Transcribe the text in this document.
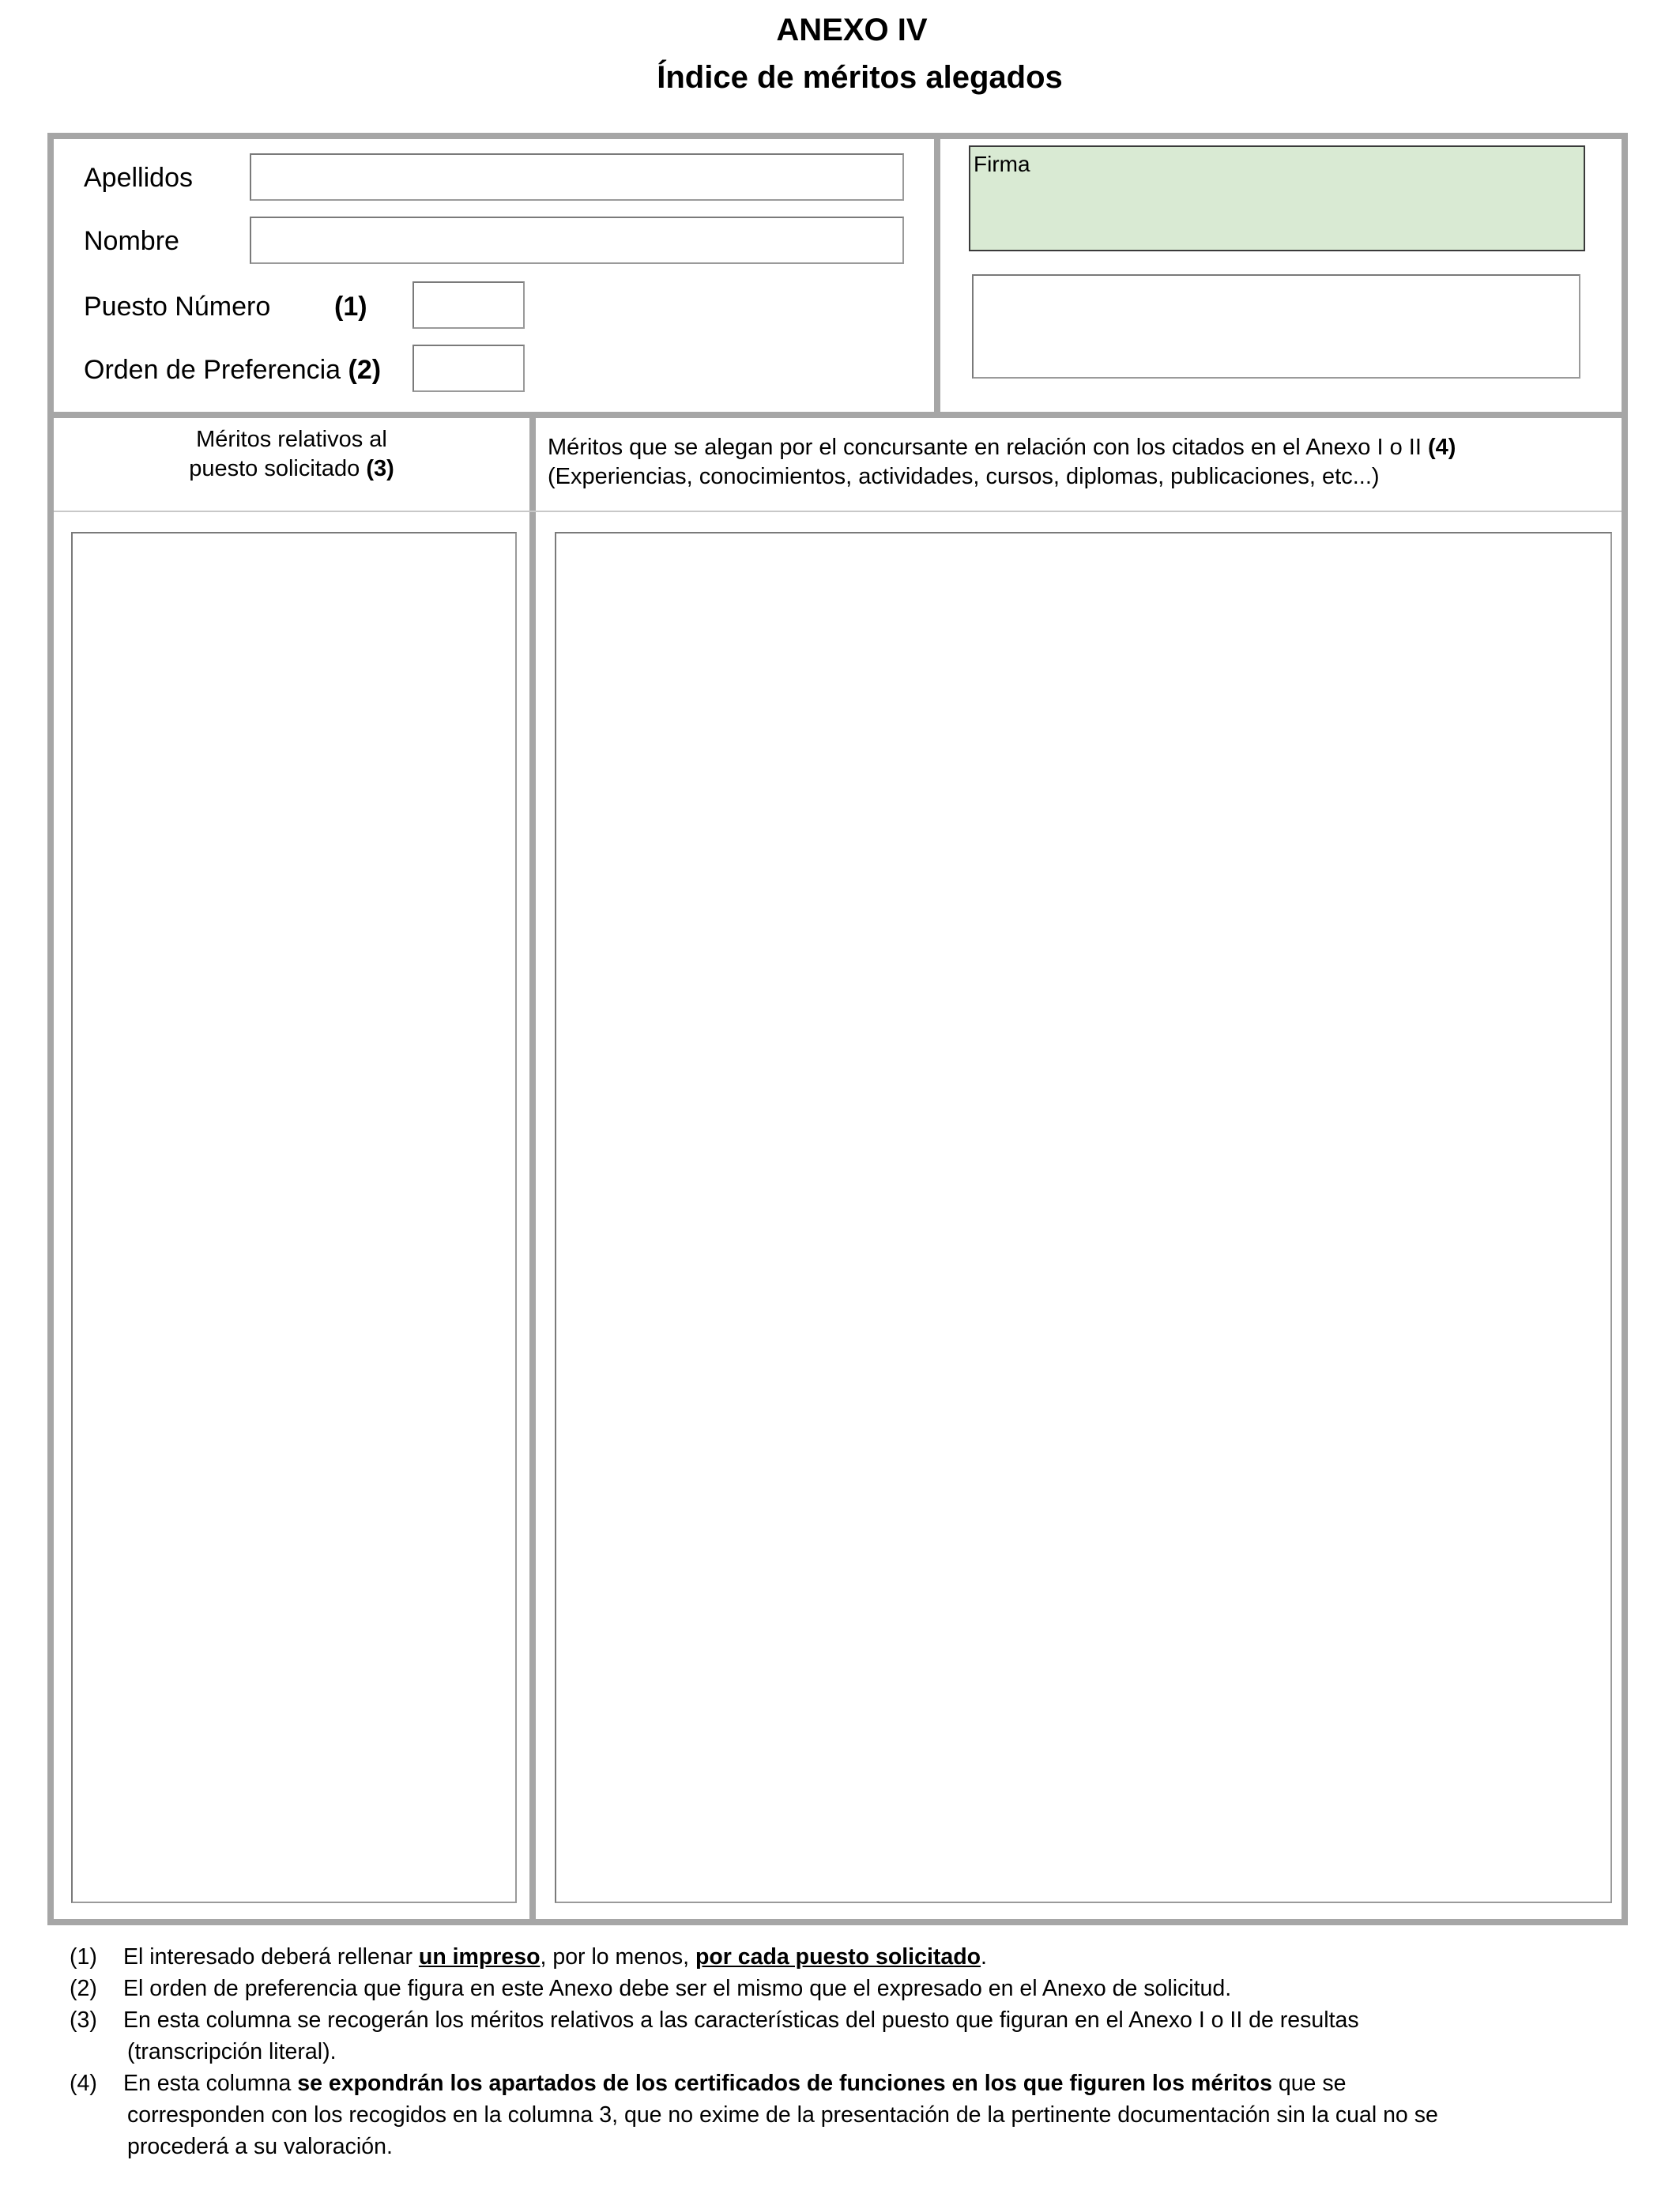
ANEXO IV
Índice de méritos alegados
Apellidos
Nombre
Puesto Número (1)
Orden de Preferencia (2)
Firma
Méritos relativos al
puesto solicitado (3)
Méritos que se alegan por el concursante en relación con los citados en el Anexo I o II (4)
(Experiencias, conocimientos, actividades, cursos, diplomas, publicaciones, etc...)
(1) El interesado deberá rellenar un impreso, por lo menos, por cada puesto solicitado.
(2) El orden de preferencia que figura en este Anexo debe ser el mismo que el expresado en el Anexo de solicitud.
(3) En esta columna se recogerán los méritos relativos a las características del puesto que figuran en el Anexo I o II de resultas
(transcripción literal).
(4) En esta columna se expondrán los apartados de los certificados de funciones en los que figuren los méritos que se
corresponden con los recogidos en la columna 3, que no exime de la presentación de la pertinente documentación sin la cual no se
procederá a su valoración.
